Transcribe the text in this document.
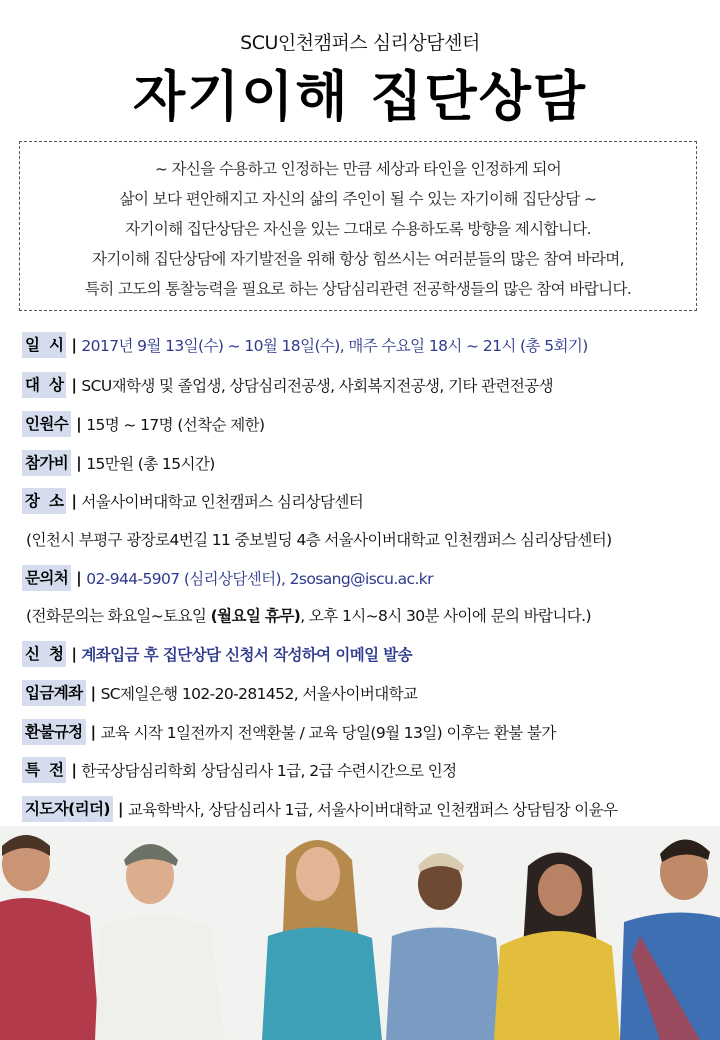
SCU인천캠퍼스 심리상담센터
자기이해 집단상담

~ 자신을 수용하고 인정하는 만큼 세상과 타인을 인정하게 되어

삶이 보다 편안해지고 자신의 삶의 주인이 될 수 있는 자기이해 집단상담 ~

자기이해 집단상담은 자신을 있는 그대로 수용하도록 방향을 제시합니다.

자기이해 집단상담에 자기발전을 위해 항상 힘쓰시는 여러분들의 많은 참여 바라며,

특히 고도의 통찰능력을 필요로 하는 상담심리관련 전공학생들의 많은 참여 바랍니다.

일  시 | 2017년 9월 13일(수) ~ 10월 18일(수), 매주 수요일 18시 ~ 21시 (총 5회기)
대  상 | SCU재학생 및 졸업생, 상담심리전공생, 사회복지전공생, 기타 관련전공생
인원수 | 15명 ~ 17명 (선착순 제한)
참가비 | 15만원 (총 15시간)
장  소 | 서울사이버대학교 인천캠퍼스 심리상담센터
(인천시 부평구 광장로4번길 11 중보빌딩 4층 서울사이버대학교 인천캠퍼스 심리상담센터)
문의처 | 02-944-5907 (심리상담센터), 2sosang@iscu.ac.kr
(전화문의는 화요일~토요일 (월요일 휴무) , 오후 1시~8시 30분 사이에 문의 바랍니다.)
신  청 | 계좌입금 후 집단상담 신청서 작성하여 이메일 발송
입금계좌 | SC제일은행 102-20-281452, 서울사이버대학교
환불규정 | 교육 시작 1일전까지 전액환불 / 교육 당일(9월 13일) 이후는 환불 불가
특  전 | 한국상담심리학회 상담심리사 1급, 2급 수련시간으로 인정
지도자(리더) | 교육학박사, 상담심리사 1급, 서울사이버대학교 인천캠퍼스 상담팀장 이윤우
